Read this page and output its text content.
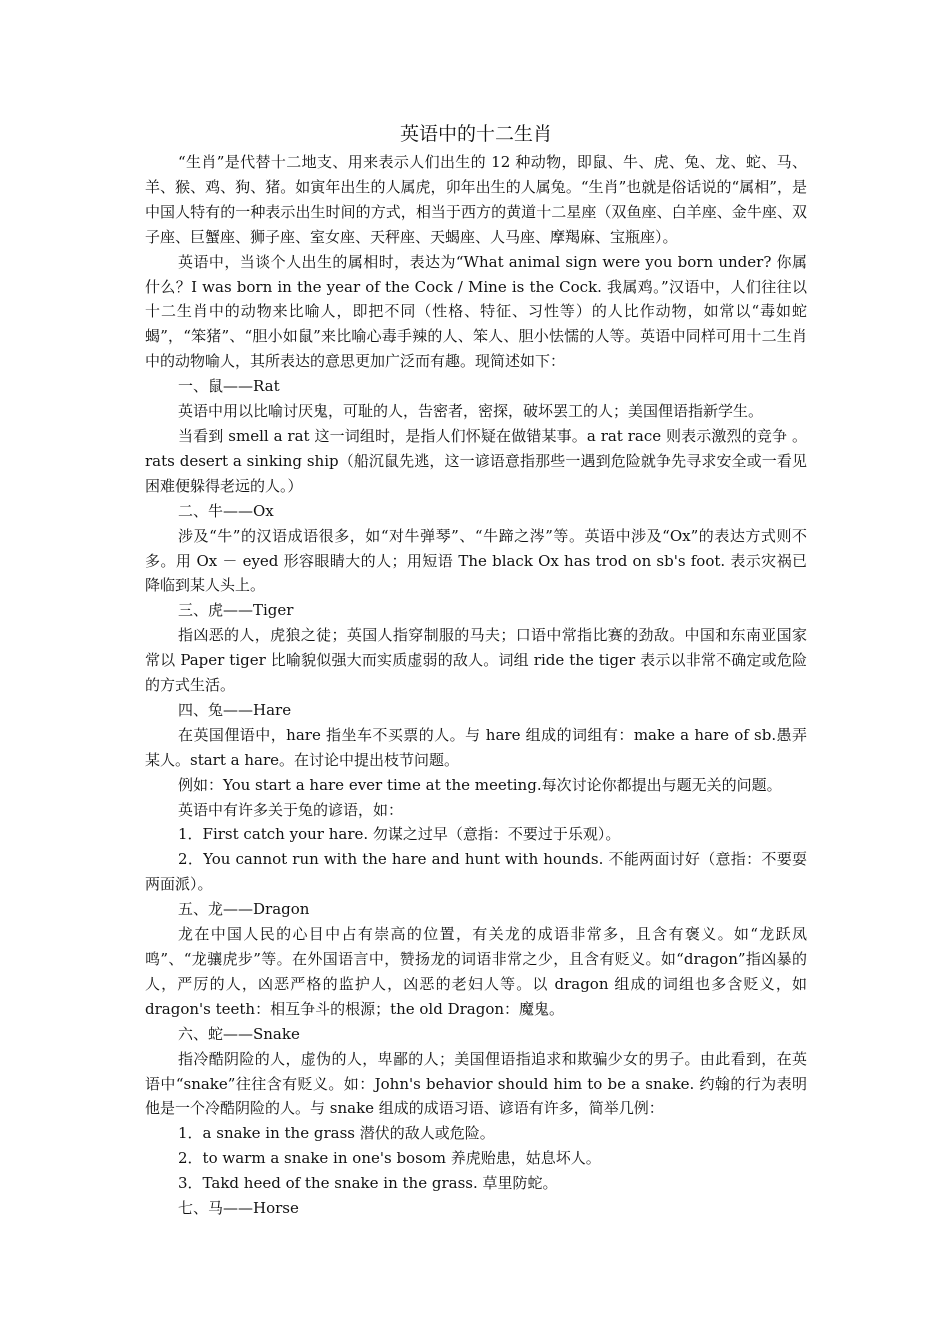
英语中的十二生肖

“生肖”是代替十二地支、用来表示人们出生的 12 种动物，即鼠、牛、虎、兔、龙、蛇、马、羊、猴、鸡、狗、猪。如寅年出生的人属虎，卯年出生的人属兔。“生肖”也就是俗话说的“属相”，是中国人特有的一种表示出生时间的方式，相当于西方的黄道十二星座（双鱼座、白羊座、金牛座、双子座、巨蟹座、狮子座、室女座、天秤座、天蝎座、人马座、摩羯麻、宝瓶座）。

英语中，当谈个人出生的属相时，表达为“What animal sign were you born under? 你属什么？I was born in the year of the Cock / Mine is the Cock. 我属鸡。”汉语中，人们往往以十二生肖中的动物来比喻人，即把不同（性格、特征、习性等）的人比作动物，如常以“毒如蛇蝎”，“笨猪”、“胆小如鼠”来比喻心毒手辣的人、笨人、胆小怯懦的人等。英语中同样可用十二生肖中的动物喻人，其所表达的意思更加广泛而有趣。现简述如下：

一、鼠——Rat

英语中用以比喻讨厌鬼，可耻的人，告密者，密探，破坏罢工的人；美国俚语指新学生。

当看到 smell a rat 这一词组时，是指人们怀疑在做错某事。a rat race 则表示激烈的竞争 。rats desert a sinking ship（船沉鼠先逃，这一谚语意指那些一遇到危险就争先寻求安全或一看见困难便躲得老远的人。）

二、牛——Ox

涉及“牛”的汉语成语很多，如“对牛弹琴”、“牛蹄之涔”等。英语中涉及“Ox”的表达方式则不多。用 Ox － eyed 形容眼睛大的人；用短语 The black Ox has trod on sb's foot. 表示灾祸已降临到某人头上。

三、虎——Tiger

指凶恶的人，虎狼之徒；英国人指穿制服的马夫；口语中常指比赛的劲敌。中国和东南亚国家常以 Paper tiger 比喻貌似强大而实质虚弱的敌人。词组 ride the tiger 表示以非常不确定或危险的方式生活。

四、兔——Hare

在英国俚语中，hare 指坐车不买票的人。与 hare 组成的词组有：make a hare of sb.愚弄某人。start a hare。在讨论中提出枝节问题。

例如：You start a hare ever time at the meeting.每次讨论你都提出与题无关的问题。

英语中有许多关于兔的谚语，如：

1．First catch your hare. 勿谋之过早（意指：不要过于乐观）。

2．You cannot run with the hare and hunt with hounds. 不能两面讨好（意指：不要耍两面派）。

五、龙——Dragon

龙在中国人民的心目中占有崇高的位置，有关龙的成语非常多，且含有褒义。如“龙跃凤鸣”、“龙骧虎步”等。在外国语言中，赞扬龙的词语非常之少，且含有贬义。如“dragon”指凶暴的人，严厉的人，凶恶严格的监护人，凶恶的老妇人等。以 dragon 组成的词组也多含贬义，如 dragon's teeth：相互争斗的根源；the old Dragon：魔鬼。

六、蛇——Snake

指冷酷阴险的人，虚伪的人，卑鄙的人；美国俚语指追求和欺骗少女的男子。由此看到，在英语中“snake”往往含有贬义。如：John's behavior should him to be a snake. 约翰的行为表明他是一个冷酷阴险的人。与 snake 组成的成语习语、谚语有许多，简举几例：

1．a snake in the grass 潜伏的敌人或危险。

2．to warm a snake in one's bosom 养虎贻患，姑息坏人。

3．Takd heed of the snake in the grass. 草里防蛇。

七、马——Horse
